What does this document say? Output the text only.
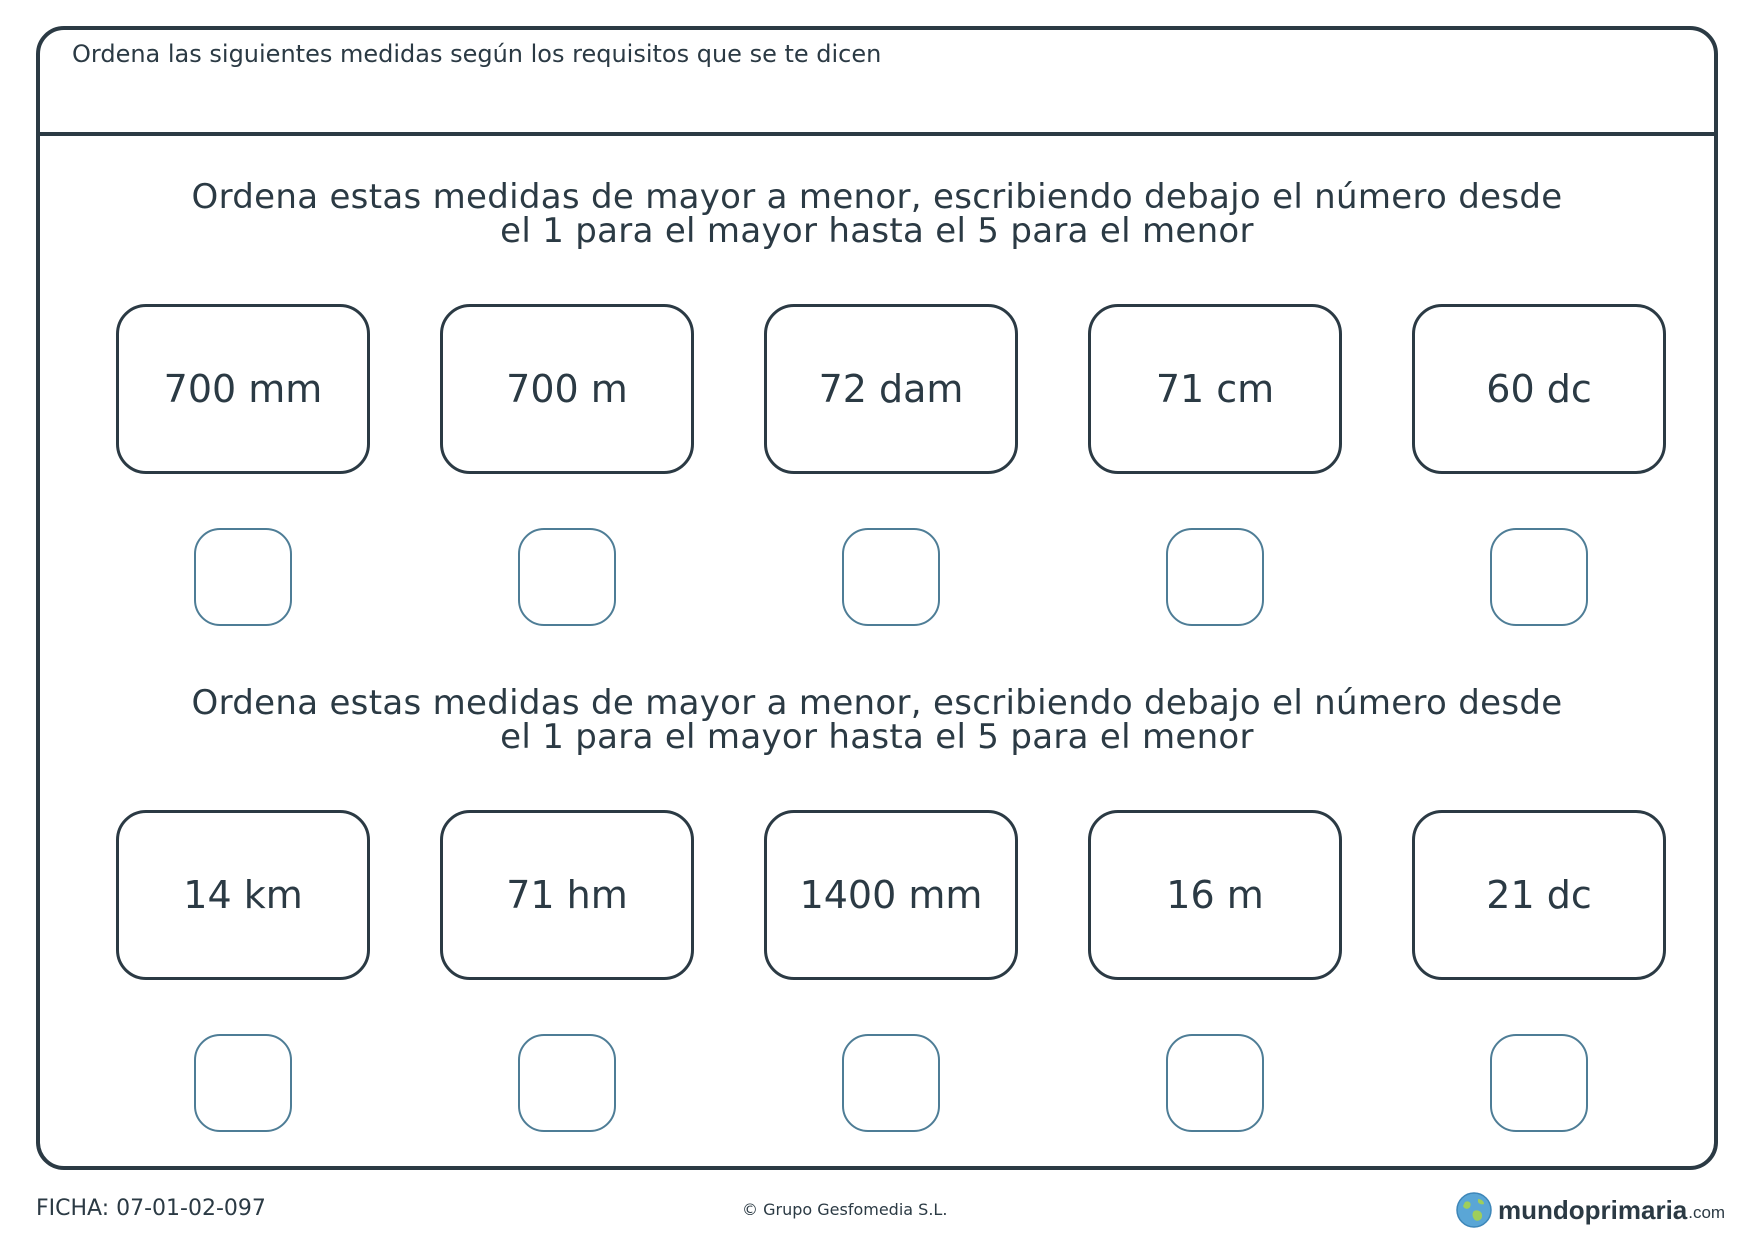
Ordena las siguientes medidas según los requisitos que se te dicen
Ordena estas medidas de mayor a menor, escribiendo debajo el número desde
el 1 para el mayor hasta el 5 para el menor
700 mm	700 m	72 dam	71 cm	60 dc
Ordena estas medidas de mayor a menor, escribiendo debajo el número desde
el 1 para el mayor hasta el 5 para el menor
14 km	71 hm	1400 mm	16 m	21 dc
FICHA: 07-01-02-097	© Grupo Gesfomedia S.L.	mundoprimaria .com
